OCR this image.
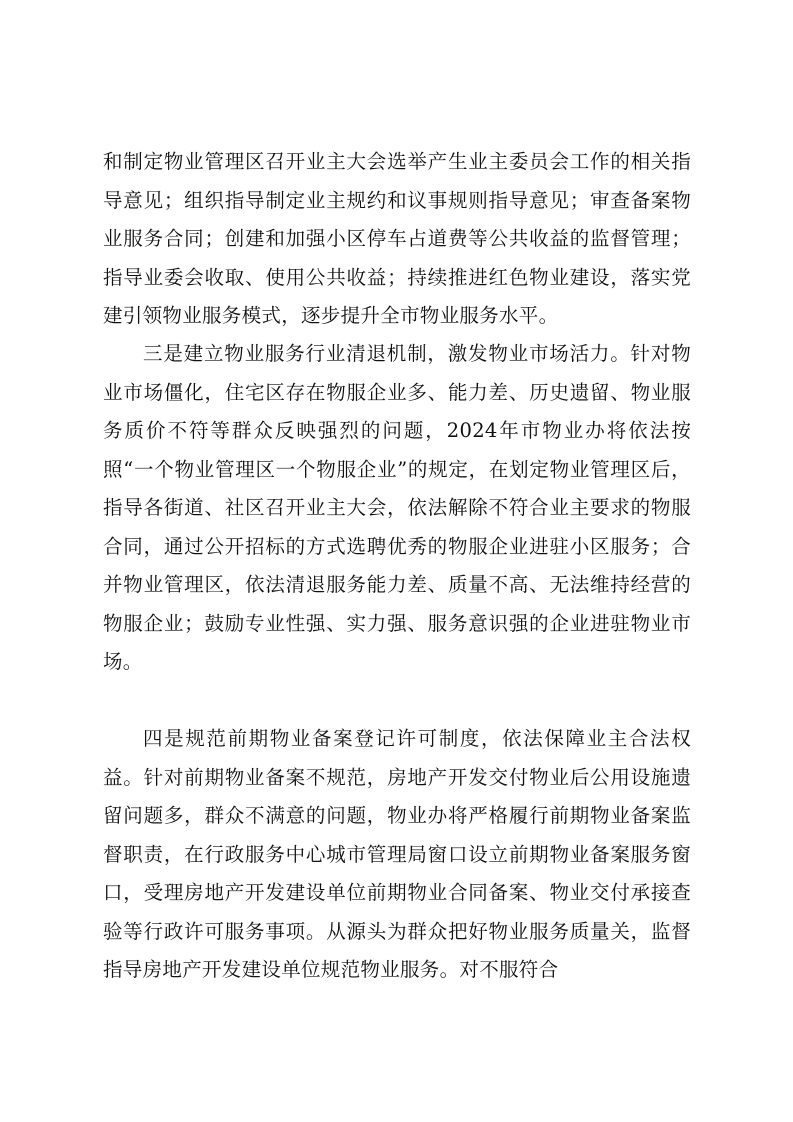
和制定物业管理区召开业主大会选举产生业主委员会工作的相关指导意见；组织指导制定业主规约和议事规则指导意见；审查备案物业服务合同；创建和加强小区停车占道费等公共收益的监督管理；指导业委会收取、使用公共收益；持续推进红色物业建设，落实党建引领物业服务模式，逐步提升全市物业服务水平。

三是建立物业服务行业清退机制，激发物业市场活力。针对物业市场僵化，住宅区存在物服企业多、能力差、历史遗留、物业服务质价不符等群众反映强烈的问题，2024年市物业办将依法按照“一个物业管理区一个物服企业”的规定，在划定物业管理区后，指导各街道、社区召开业主大会，依法解除不符合业主要求的物服合同，通过公开招标的方式选聘优秀的物服企业进驻小区服务；合并物业管理区，依法清退服务能力差、质量不高、无法维持经营的物服企业；鼓励专业性强、实力强、服务意识强的企业进驻物业市场。

四是规范前期物业备案登记许可制度，依法保障业主合法权益。针对前期物业备案不规范，房地产开发交付物业后公用设施遗留问题多，群众不满意的问题，物业办将严格履行前期物业备案监督职责，在行政服务中心城市管理局窗口设立前期物业备案服务窗口，受理房地产开发建设单位前期物业合同备案、物业交付承接查验等行政许可服务事项。从源头为群众把好物业服务质量关，监督指导房地产开发建设单位规范物业服务。对不服符合
